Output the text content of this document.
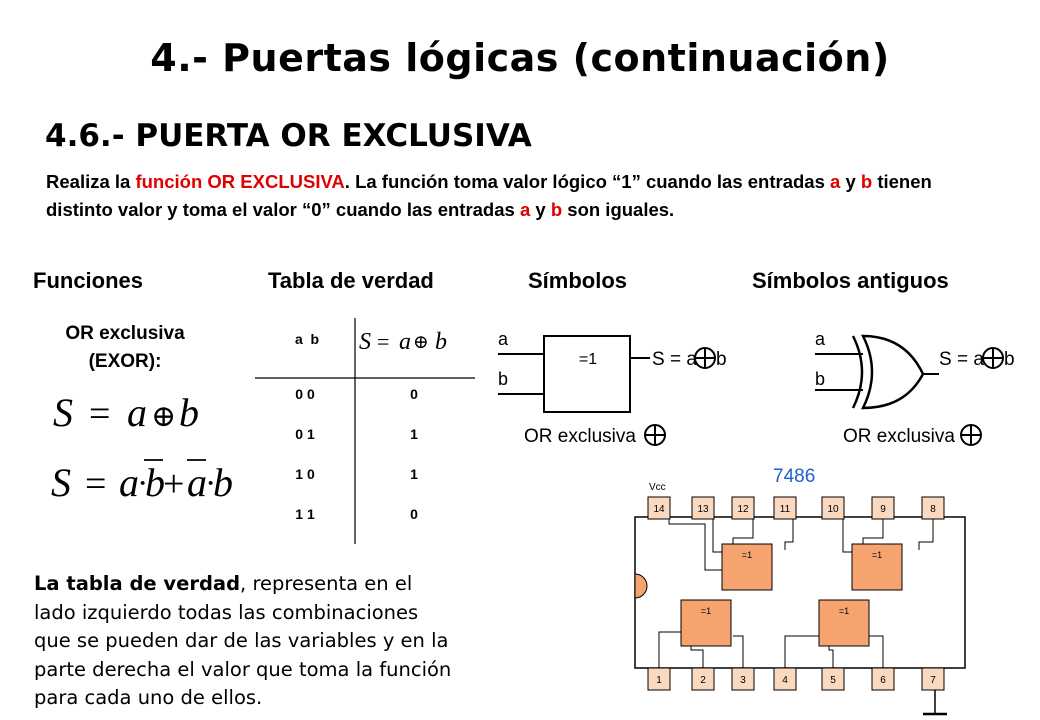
4.- Puertas lógicas (continuación)
4.6.- PUERTA OR EXCLUSIVA
Realiza la función OR EXCLUSIVA. La función toma valor lógico “1” cuando las entradas a y b tienen distinto valor y toma el valor “0” cuando las entradas a y b son iguales.
Funciones	Tabla de verdad	Símbolos	Símbolos antiguos
OR exclusiva (EXOR):
S = a ⊕ b
S = a
·
b
+ a
·
b
a  b S = a ⊕ b
0 0	0
0 1	1
1 0	1
1 1	0
a
b
=1	S = a b
OR exclusiva
a
b
S = a b
OR exclusiva
7486
Vcc
14	13	12	11	10	9	8
1	2	3	4	5	6	7
=1	=1
=1	=1
La tabla de verdad, representa en el lado izquierdo todas las combinaciones que se pueden dar de las variables y en la parte derecha el valor que toma la función para cada uno de ellos.
